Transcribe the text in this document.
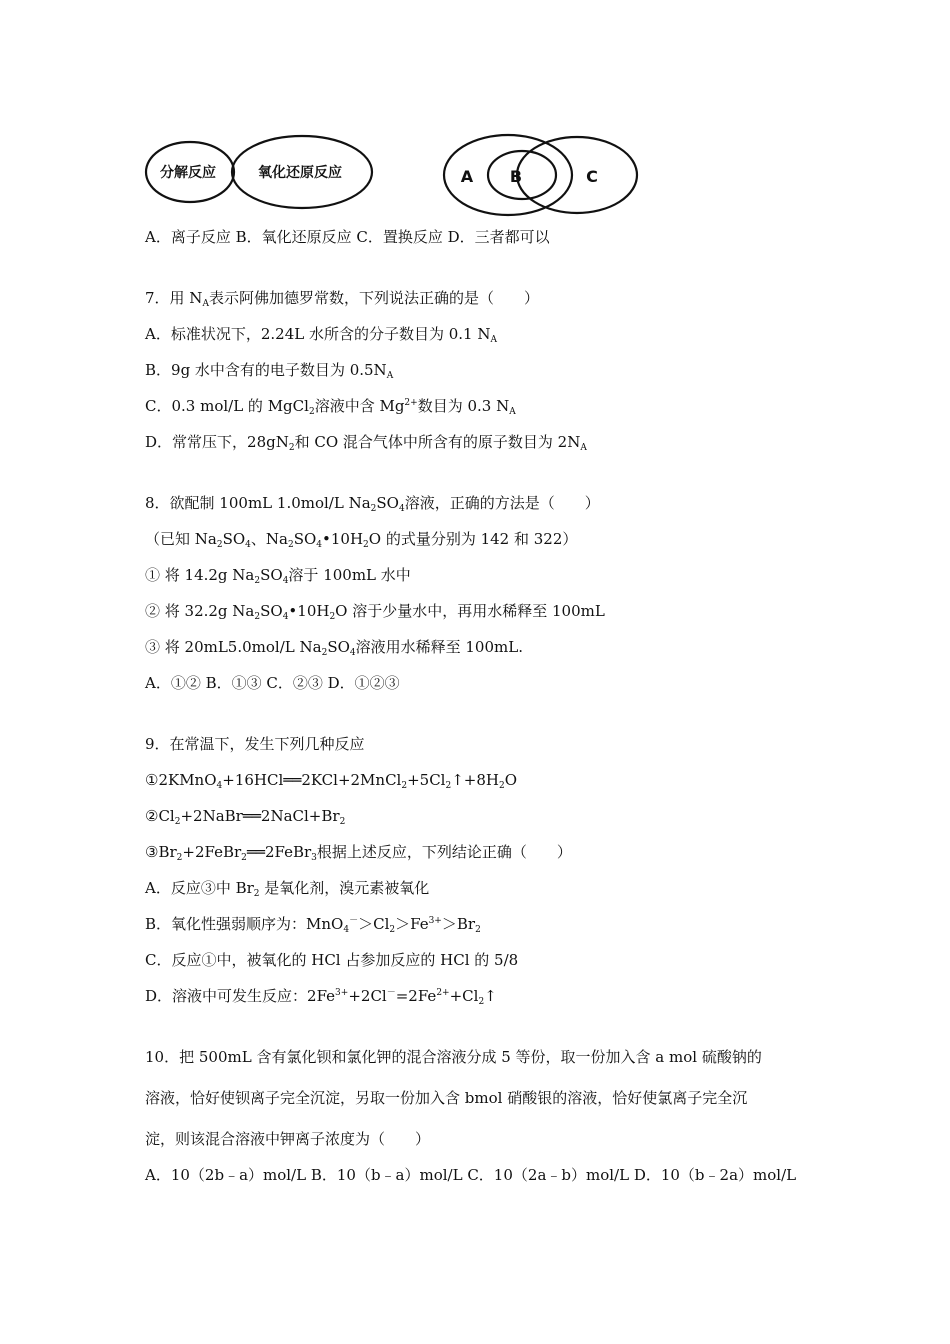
分解反应	氧化还原反应	A B	C
A．离子反应 B．氧化还原反应 C．置换反应 D．三者都可以
7．用 $N_A$表示阿佛加德罗常数，下列说法正确的是（　　）
A．标准状况下，2.24L 水所含的分子数目为 0.1 $N_A$
B．9g 水中含有的电子数目为 $0.5N_A$
C．0.3 mol/L 的 MgCl$_2$溶液中含 $Mg^{2+}$数目为 0.3 $N_A$
D．常常压下，$28gN_2$和 CO 混合气体中所含有的原子数目为 $2N_A$
8．欲配制 100mL 1.0mol/L $Na_2SO_4$溶液，正确的方法是（　　）
（已知 $Na_2SO_4$、$Na_2SO_4•10H_2O$ 的式量分别为 142 和 322）
① 将 14.2g $Na_2SO_4$溶于 100mL 水中
② 将 32.2g $Na_2SO_4•10H_2O$ 溶于少量水中，再用水稀释至 100mL
③ 将 20mL5.0mol/L $Na_2SO_4$溶液用水稀释至 100mL.
A．①② B．①③ C．②③ D．①②③
9．在常温下，发生下列几种反应
$①2KMnO_4+16HCl══2KCl+2MnCl_2+5Cl_2↑+8H_2O$
$②Cl_2+2NaBr══2NaCl+Br_2$
$③Br_2+2FeBr_2══2FeBr_3$根据上述反应，下列结论正确（　　）
A．反应③中 $Br_2$ 是氧化剂，溴元素被氧化
B．氧化性强弱顺序为：$MnO_4^->Cl_2>Fe^{3+}>Br_2$
C．反应①中，被氧化的 HCl 占参加反应的 HCl 的 5/8
D．溶液中可发生反应：$2Fe^{3+}+2Cl^-=2Fe^{2+}+Cl_2↑$
10．把 500mL 含有氯化钡和氯化钾的混合溶液分成 5 等份，取一份加入含 a mol 硫酸钠的
溶液，恰好使钡离子完全沉淀，另取一份加入含 bmol 硝酸银的溶液，恰好使氯离子完全沉
淀，则该混合溶液中钾离子浓度为（　　）
A．10（2b﹣a）mol/L B．10（b﹣a）mol/L C．10（2a﹣b）mol/L D．10（b﹣2a）mol/L
